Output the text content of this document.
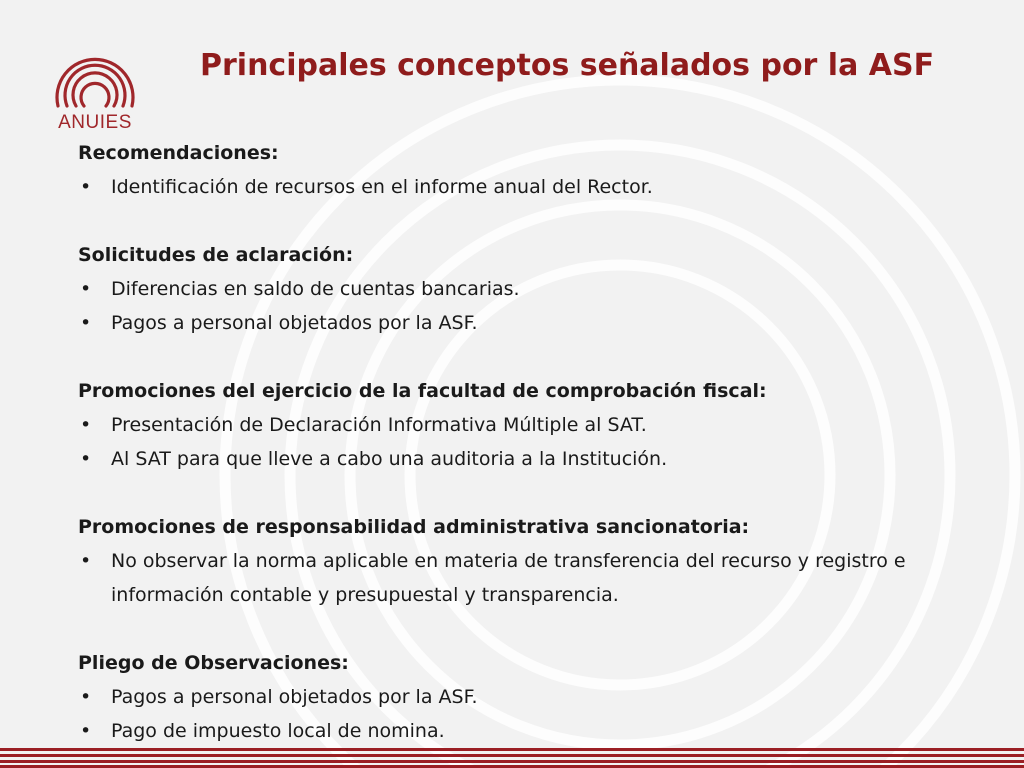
ANUIES
Principales conceptos señalados por la ASF
Recomendaciones:
• Identificación de recursos en el informe anual del Rector.
Solicitudes de aclaración:
• Diferencias en saldo de cuentas bancarias.
• Pagos a personal objetados por la ASF.
Promociones del ejercicio de la facultad de comprobación fiscal:
• Presentación de Declaración Informativa Múltiple al SAT.
• Al SAT para que lleve a cabo una auditoria a la Institución.
Promociones de responsabilidad administrativa sancionatoria:
• No observar la norma aplicable en materia de transferencia del recurso y registro e información contable y presupuestal y transparencia.
Pliego de Observaciones:
• Pagos a personal objetados por la ASF.
• Pago de impuesto local de nomina.
